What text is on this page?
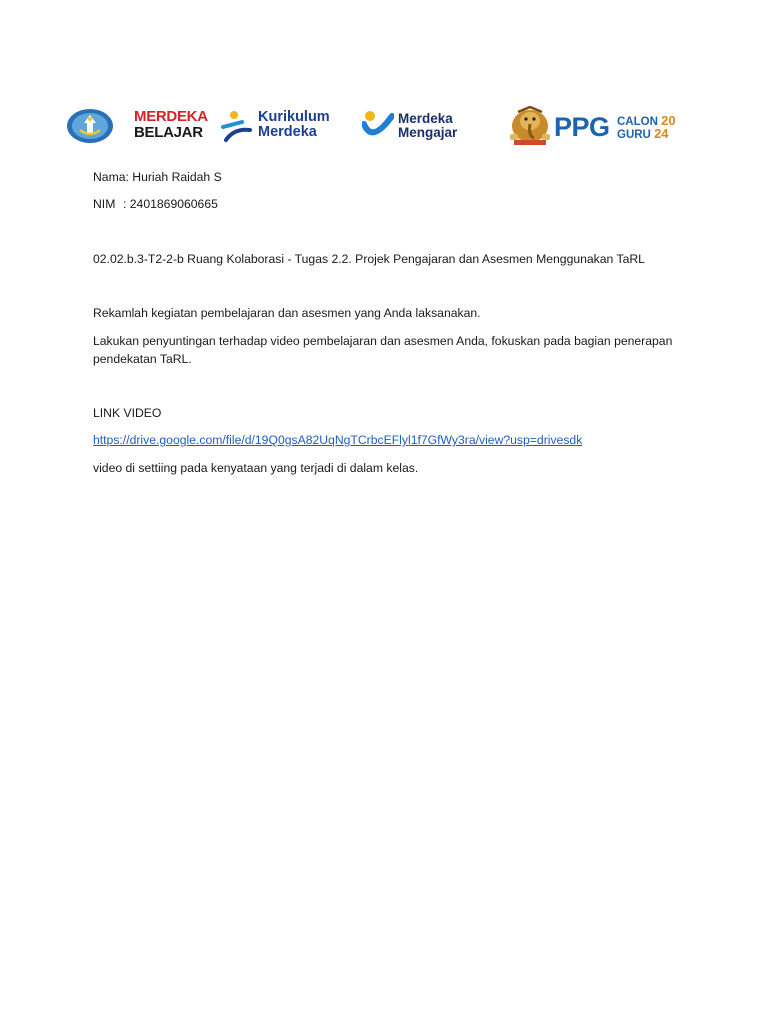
MERDEKA
BELAJAR
Kurikulum
Merdeka
Merdeka
Mengajar	PPG CALON 20
GURU 24
Nama: Huriah Raidah S
NIM : 2401869060665
02.02.b.3-T2-2-b Ruang Kolaborasi - Tugas 2.2. Projek Pengajaran dan Asesmen Menggunakan TaRL
Rekamlah kegiatan pembelajaran dan asesmen yang Anda laksanakan.
Lakukan penyuntingan terhadap video pembelajaran dan asesmen Anda, fokuskan pada bagian penerapan pendekatan TaRL.
LINK VIDEO
https://drive.google.com/file/d/19Q0gsA82UqNgTCrbcEFlyl1f7GfWy3ra/view?usp=drivesdk
video di settiing pada kenyataan yang terjadi di dalam kelas.
